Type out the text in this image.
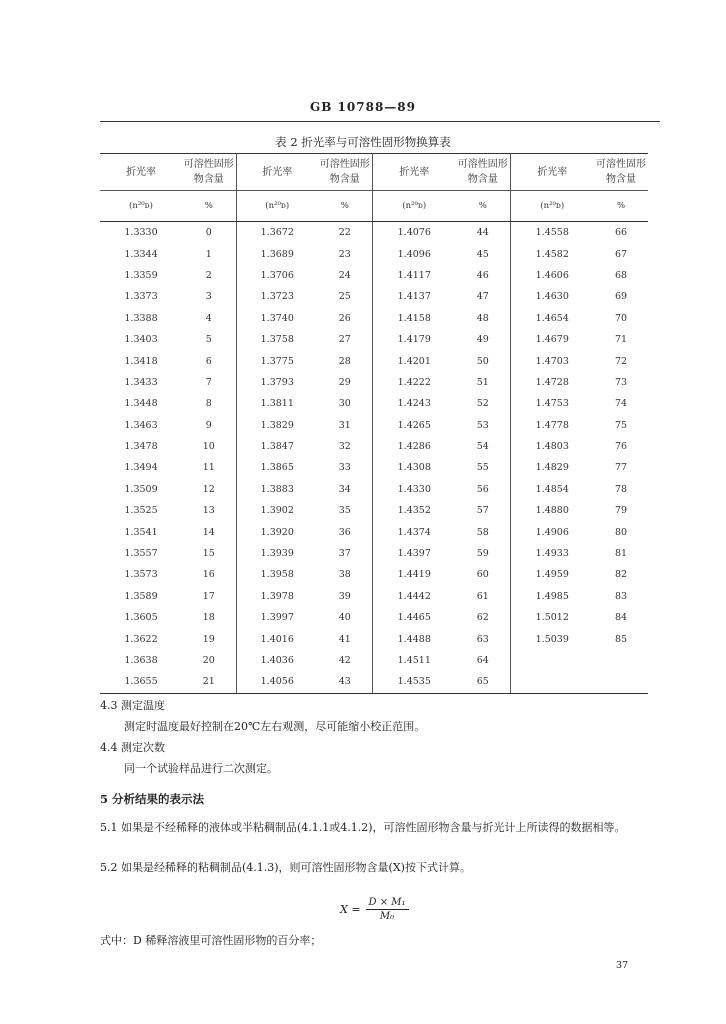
GB 10788—89
表 2 折光率与可溶性固形物换算表
折光率	可溶性固形物含量	折光率	可溶性固形物含量	折光率	可溶性固形物含量	折光率	可溶性固形物含量
(n²⁰ᴅ)	%	(n²⁰ᴅ)	%	(n²⁰ᴅ)	%	(n²⁰ᴅ)	%
1.3330	0	1.3672	22	1.4076	44	1.4558	66
1.3344	1	1.3689	23	1.4096	45	1.4582	67
1.3359	2	1.3706	24	1.4117	46	1.4606	68
1.3373	3	1.3723	25	1.4137	47	1.4630	69
1.3388	4	1.3740	26	1.4158	48	1.4654	70
1.3403	5	1.3758	27	1.4179	49	1.4679	71
1.3418	6	1.3775	28	1.4201	50	1.4703	72
1.3433	7	1.3793	29	1.4222	51	1.4728	73
1.3448	8	1.3811	30	1.4243	52	1.4753	74
1.3463	9	1.3829	31	1.4265	53	1.4778	75
1.3478	10	1.3847	32	1.4286	54	1.4803	76
1.3494	11	1.3865	33	1.4308	55	1.4829	77
1.3509	12	1.3883	34	1.4330	56	1.4854	78
1.3525	13	1.3902	35	1.4352	57	1.4880	79
1.3541	14	1.3920	36	1.4374	58	1.4906	80
1.3557	15	1.3939	37	1.4397	59	1.4933	81
1.3573	16	1.3958	38	1.4419	60	1.4959	82
1.3589	17	1.3978	39	1.4442	61	1.4985	83
1.3605	18	1.3997	40	1.4465	62	1.5012	84
1.3622	19	1.4016	41	1.4488	63	1.5039	85
1.3638	20	1.4036	42	1.4511	64		
1.3655	21	1.4056	43	1.4535	65		
4.3 测定温度
测定时温度最好控制在20℃左右观测，尽可能缩小校正范围。
4.4 测定次数
同一个试验样品进行二次测定。
5 分析结果的表示法
5.1 如果是不经稀释的液体或半粘稠制品(4.1.1或4.1.2)，可溶性固形物含量与折光计上所读得的数据相等。
5.2 如果是经稀释的粘稠制品(4.1.3)，则可溶性固形物含量(X)按下式计算。
$X = \frac{\text{D × M₁}}{\text{M₀}}$
式中：D 稀释溶液里可溶性固形物的百分率；
37
